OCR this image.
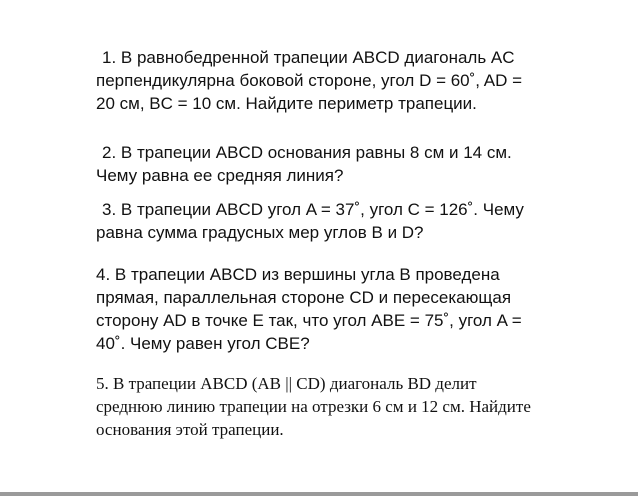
1. В равнобедренной трапеции ABCD диагональ AC
перпендикулярна боковой стороне, угол D = 60˚, AD =
20 см, BC = 10 см. Найдите периметр трапеции.

2. В трапеции ABCD основания равны 8 см и 14 см.
Чему равна ее средняя линия?

3. В трапеции ABCD угол A = 37˚, угол C = 126˚. Чему
равна сумма градусных мер углов B и D?

4. В трапеции ABCD из вершины угла B проведена
прямая, параллельная стороне CD и пересекающая
сторону AD в точке E так, что угол ABE = 75˚, угол A =
40˚. Чему равен угол CBE?

5. В трапеции ABCD (AB || CD) диагональ BD делит
среднюю линию трапеции на отрезки 6 см и 12 см. Найдите
основания этой трапеции.
